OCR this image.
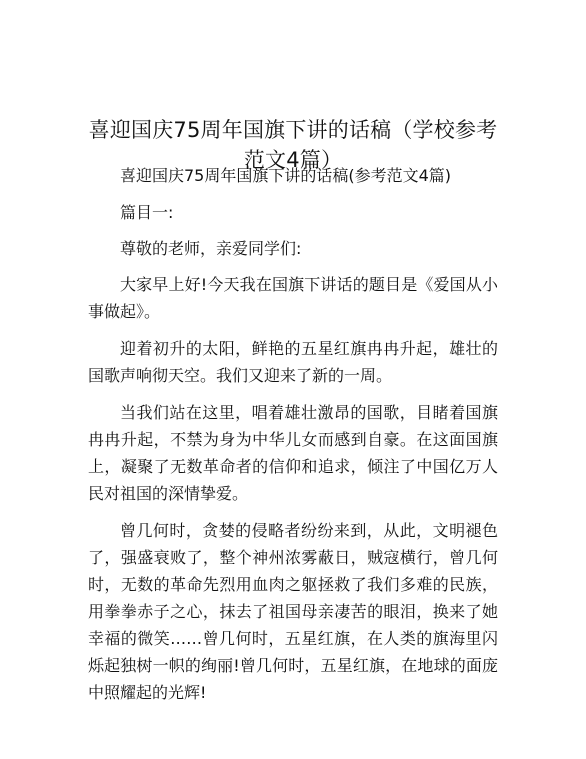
喜迎国庆75周年国旗下讲的话稿（学校参考范文4篇）

喜迎国庆75周年国旗下讲的话稿(参考范文4篇)

篇目一:

尊敬的老师，亲爱同学们:

大家早上好!今天我在国旗下讲话的题目是《爱国从小事做起》。

迎着初升的太阳，鲜艳的五星红旗冉冉升起，雄壮的国歌声响彻天空。我们又迎来了新的一周。

当我们站在这里，唱着雄壮激昂的国歌，目睹着国旗冉冉升起，不禁为身为中华儿女而感到自豪。在这面国旗上，凝聚了无数革命者的信仰和追求，倾注了中国亿万人民对祖国的深情挚爱。

曾几何时，贪婪的侵略者纷纷来到，从此，文明褪色了，强盛衰败了，整个神州浓雾蔽日，贼寇横行，曾几何时，无数的革命先烈用血肉之躯拯救了我们多难的民族，用拳拳赤子之心，抹去了祖国母亲凄苦的眼泪，换来了她幸福的微笑……曾几何时，五星红旗，在人类的旗海里闪烁起独树一帜的绚丽!曾几何时，五星红旗，在地球的面庞中照耀起的光辉!
